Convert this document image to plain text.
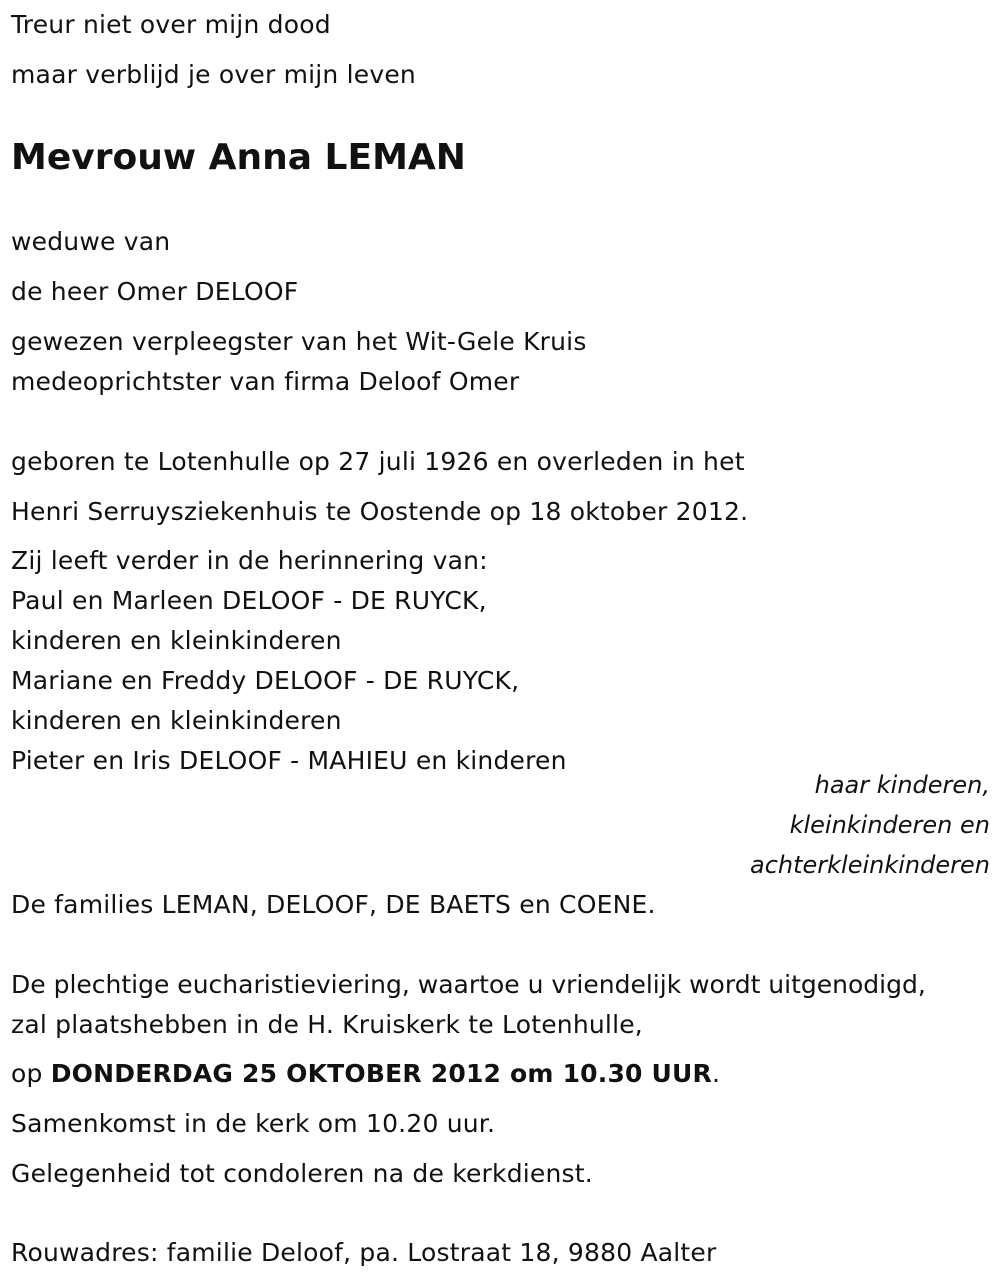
Treur niet over mijn dood
maar verblijd je over mijn leven
Mevrouw Anna LEMAN
weduwe van
de heer Omer DELOOF
gewezen verpleegster van het Wit-Gele Kruis
medeoprichtster van firma Deloof Omer
geboren te Lotenhulle op 27 juli 1926 en overleden in het
Henri Serruysziekenhuis te Oostende op 18 oktober 2012.
Zij leeft verder in de herinnering van:
Paul en Marleen DELOOF - DE RUYCK,
kinderen en kleinkinderen
Mariane en Freddy DELOOF - DE RUYCK,
kinderen en kleinkinderen
Pieter en Iris DELOOF - MAHIEU en kinderen
haar kinderen,
kleinkinderen en
achterkleinkinderen
De families LEMAN, DELOOF, DE BAETS en COENE.
De plechtige eucharistieviering, waartoe u vriendelijk wordt uitgenodigd,
zal plaatshebben in de H. Kruiskerk te Lotenhulle,
op DONDERDAG 25 OKTOBER 2012 om 10.30 UUR.
Samenkomst in de kerk om 10.20 uur.
Gelegenheid tot condoleren na de kerkdienst.
Rouwadres: familie Deloof, pa. Lostraat 18, 9880 Aalter
